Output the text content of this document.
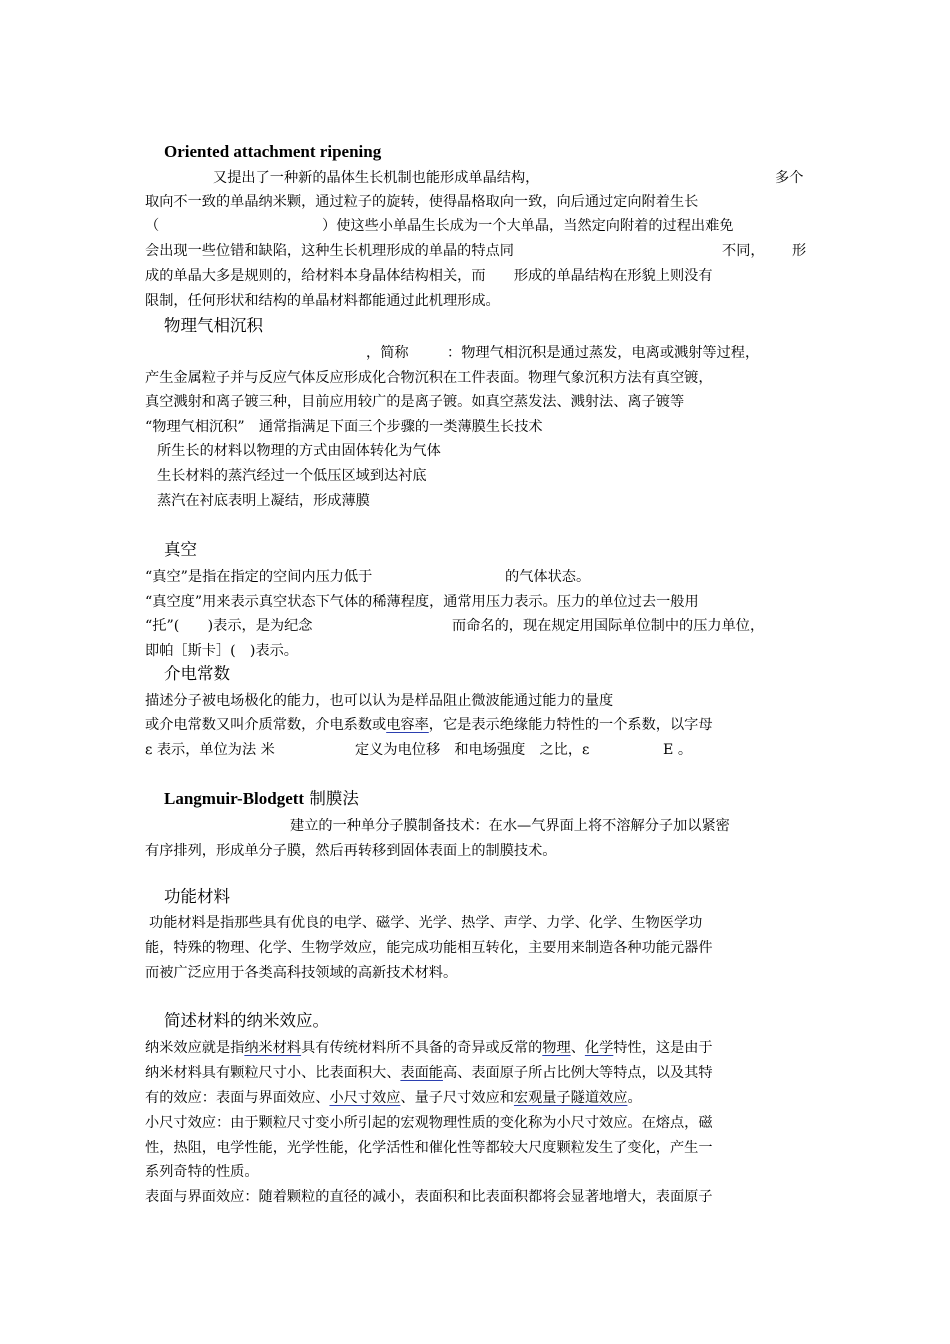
Oriented attachment ripening
又提出了一种新的晶体生长机制也能形成单晶结构，	多个
取向不一致的单晶纳米颗，通过粒子的旋转，使得晶格取向一致，向后通过定向附着生长
（	）使这些小单晶生长成为一个大单晶，当然定向附着的过程出难免
会出现一些位错和缺陷，这种生长机理形成的单晶的特点同	不同， 形
成的单晶大多是规则的，给材料本身晶体结构相关，而　　形成的单晶结构在形貌上则没有
限制，任何形状和结构的单晶材料都能通过此机理形成。
物理气相沉积
，简称	：物理气相沉积是通过蒸发，电离或溅射等过程，
产生金属粒子并与反应气体反应形成化合物沉积在工件表面。物理气象沉积方法有真空镀，
真空溅射和离子镀三种，目前应用较广的是离子镀。如真空蒸发法、溅射法、离子镀等
“物理气相沉积”　通常指满足下面三个步骤的一类薄膜生长技术
所生长的材料以物理的方式由固体转化为气体
生长材料的蒸汽经过一个低压区域到达衬底
蒸汽在衬底表明上凝结，形成薄膜
真空
“真空”是指在指定的空间内压力低于	的气体状态。
“真空度”用来表示真空状态下气体的稀薄程度，通常用压力表示。压力的单位过去一般用
“托”(　　)表示，是为纪念	而命名的，现在规定用国际单位制中的压力单位，
即帕［斯卡］(　)表示。
介电常数
描述分子被电场极化的能力，也可以认为是样品阻止微波能通过能力的量度
或介电常数又叫介质常数，介电系数或电容率，它是表示绝缘能力特性的一个系数，以字母
ε 表示，单位为法 米	定义为电位移　和电场强度　之比，ε	E 。
Langmuir-Blodgett 制膜法
建立的一种单分子膜制备技术：在水—气界面上将不溶解分子加以紧密
有序排列，形成单分子膜，然后再转移到固体表面上的制膜技术。
功能材料
功能材料是指那些具有优良的电学、磁学、光学、热学、声学、力学、化学、生物医学功
能，特殊的物理、化学、生物学效应，能完成功能相互转化，主要用来制造各种功能元器件
而被广泛应用于各类高科技领域的高新技术材料。
简述材料的纳米效应。
纳米效应就是指纳米材料具有传统材料所不具备的奇异或反常的物理、化学特性，这是由于
纳米材料具有颗粒尺寸小、比表面积大、表面能高、表面原子所占比例大等特点，以及其特
有的效应：表面与界面效应、小尺寸效应、量子尺寸效应和宏观量子隧道效应。
小尺寸效应：由于颗粒尺寸变小所引起的宏观物理性质的变化称为小尺寸效应。在熔点，磁
性，热阻，电学性能，光学性能，化学活性和催化性等都较大尺度颗粒发生了变化，产生一
系列奇特的性质。
表面与界面效应：随着颗粒的直径的减小，表面积和比表面积都将会显著地增大，表面原子
